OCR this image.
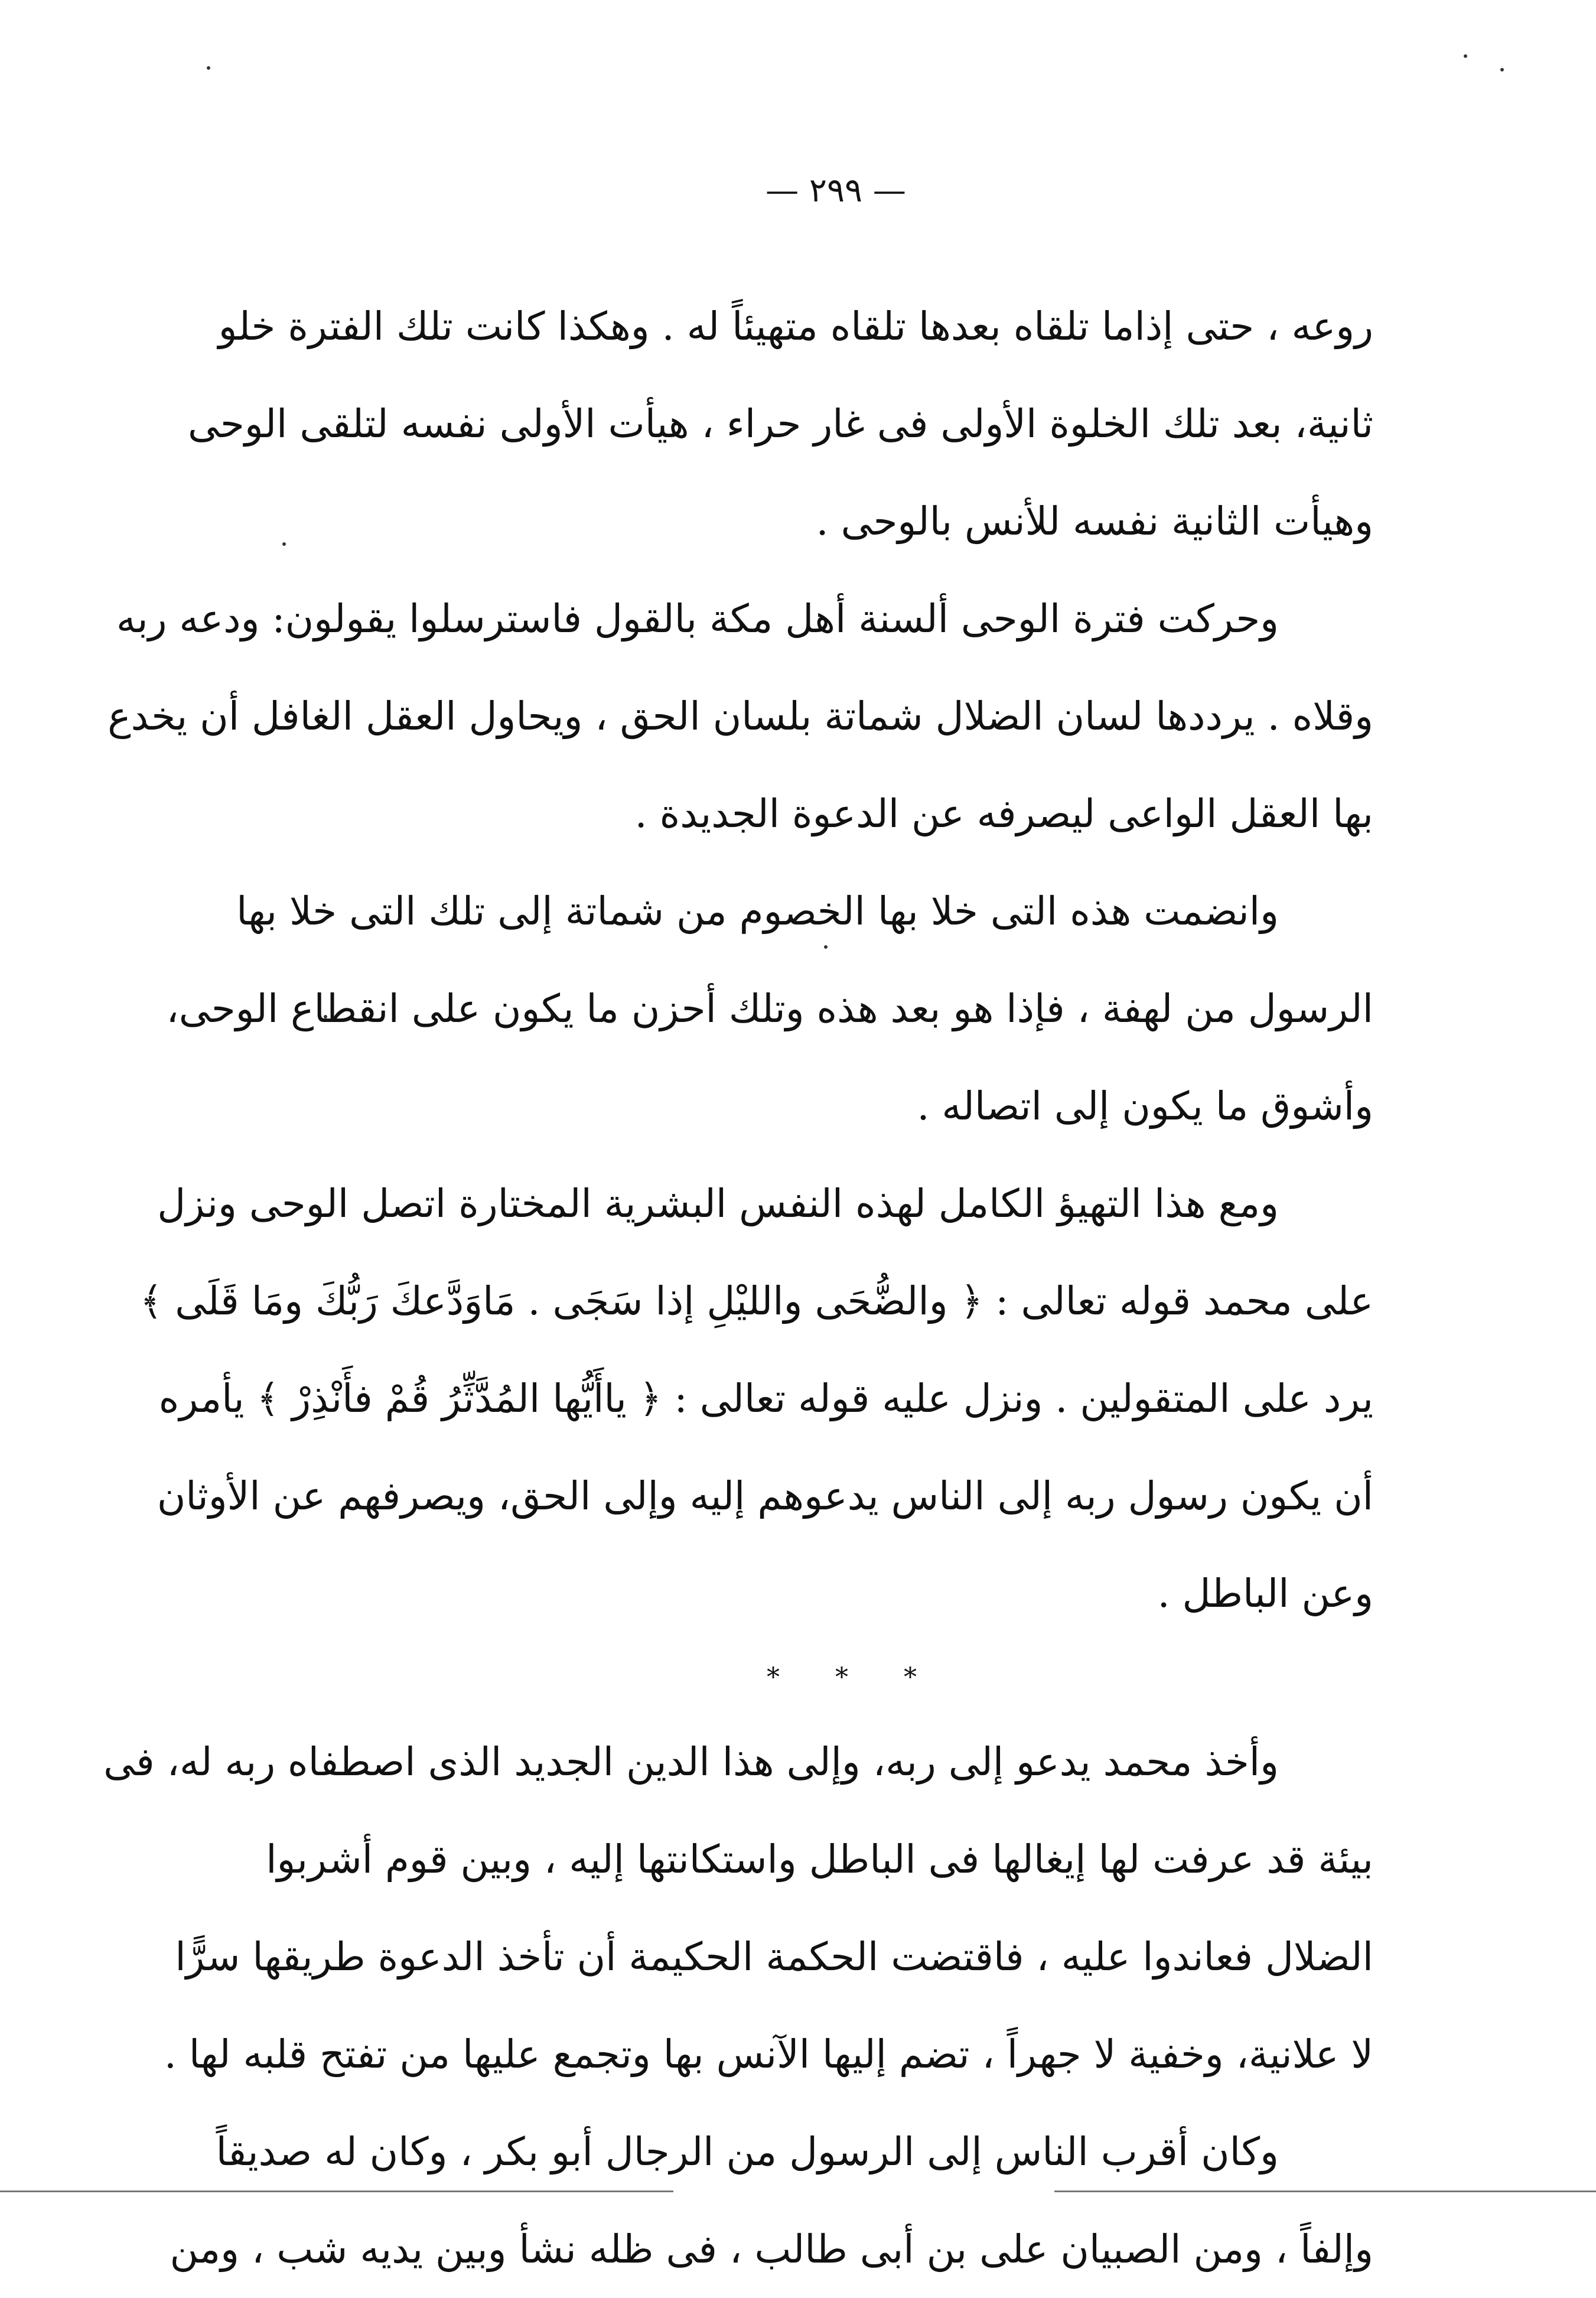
— ٢٩٩ —

روعه ، حتى إذاما تلقاه بعدها تلقاه متهيئاً له . وهكذا كانت تلك الفترة خلو
ثانية، بعد تلك الخلوة الأولى فى غار حراء ، هيأت الأولى نفسه لتلقى الوحى
وهيأت الثانية نفسه للأنس بالوحى .

وحركت فترة الوحى ألسنة أهل مكة بالقول فاسترسلوا يقولون: ودعه ربه
وقلاه . يرددها لسان الضلال شماتة بلسان الحق ، ويحاول العقل الغافل أن يخدع
بها العقل الواعى ليصرفه عن الدعوة الجديدة .

وانضمت هذه التى خلا بها الخصوم من شماتة إلى تلك التى خلا بها
الرسول من لهفة ، فإذا هو بعد هذه وتلك أحزن ما يكون على انقطاع الوحى،
وأشوق ما يكون إلى اتصاله .

ومع هذا التهيؤ الكامل لهذه النفس البشرية المختارة اتصل الوحى ونزل
على محمد قوله تعالى : ﴿ والضُّحَى والليْلِ إذا سَجَى . مَاوَدَّعكَ رَبُّكَ ومَا قَلَى ﴾
يرد على المتقولين . ونزل عليه قوله تعالى : ﴿ ياأَيُّها المُدَّثِّرُ قُمْ فأَنْذِرْ ﴾ يأمره
أن يكون رسول ربه إلى الناس يدعوهم إليه وإلى الحق، ويصرفهم عن الأوثان
وعن الباطل .

* * *

وأخذ محمد يدعو إلى ربه، وإلى هذا الدين الجديد الذى اصطفاه ربه له، فى
بيئة قد عرفت لها إيغالها فى الباطل واستكانتها إليه ، وبين قوم أشربوا
الضلال فعاندوا عليه ، فاقتضت الحكمة الحكيمة أن تأخذ الدعوة طريقها سرًّا
لا علانية، وخفية لا جهراً ، تضم إليها الآنس بها وتجمع عليها من تفتح قلبه لها .

وكان أقرب الناس إلى الرسول من الرجال أبو بكر ، وكان له صديقاً
وإلفاً ، ومن الصبيان على بن أبى طالب ، فى ظله نشأ وبين يديه شب ، ومن
